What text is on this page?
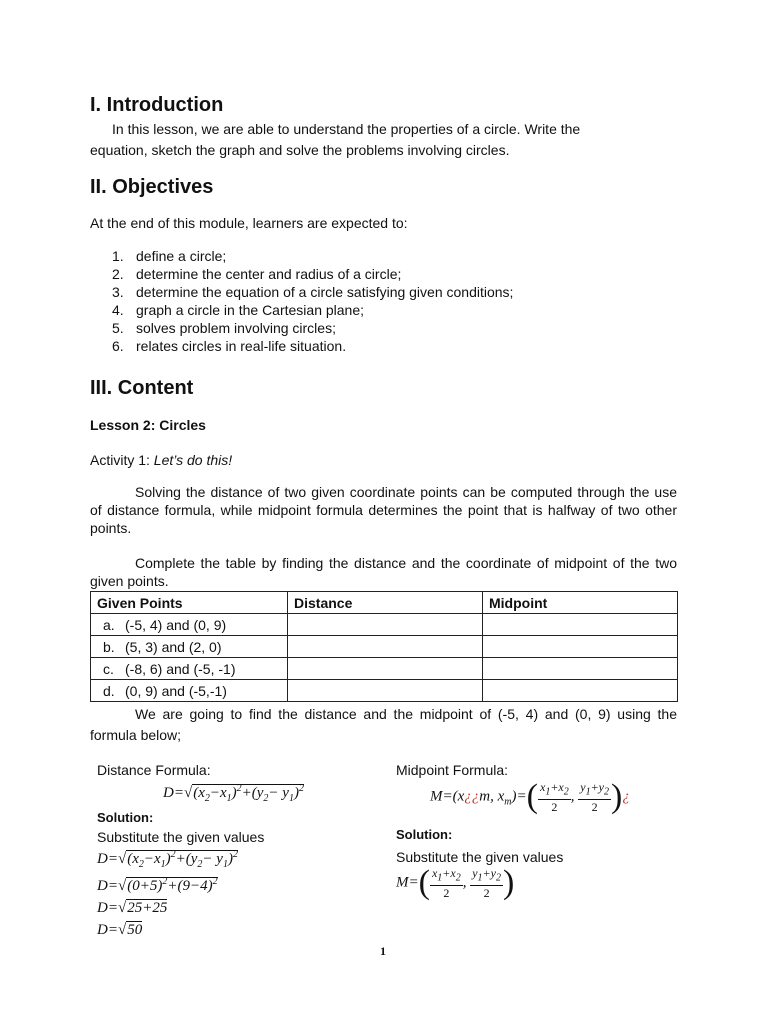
I. Introduction
In this lesson, we are able to understand the properties of a circle. Write the
equation, sketch the graph and solve the problems involving circles.
II. Objectives
At the end of this module, learners are expected to:
1. define a circle;
2. determine the center and radius of a circle;
3. determine the equation of a circle satisfying given conditions;
4. graph a circle in the Cartesian plane;
5. solves problem involving circles;
6. relates circles in real-life situation.
III. Content
Lesson 2: Circles
Activity 1: Let’s do this!
Solving the distance of two given coordinate points can be computed through the use of distance formula, while midpoint formula determines the point that is halfway of two other points.
Complete the table by finding the distance and the coordinate of midpoint of the two given points.
Given Points	Distance	Midpoint
a. (-5, 4) and (0, 9)		
b. (5, 3) and (2, 0)		
c. (-8, 6) and (-5, -1)		
d. (0, 9) and (-5,-1)		
We are going to find the distance and the midpoint of (-5, 4) and (0, 9) using the formula below;
Distance Formula:
$D=√(x_2-x_1)^2+(y_2- y_1)^2$
Solution:
Substitute the given values
$D=√(x_2-x_1)^2+(y_2- y_1)^2$
$D=√(0+5)^2+(9-4)^2$
D=√25+25
D=√50
Midpoint Formula:
M=(x¿¿m, $x_m)=( \frac{x_1+x_2}{2}$ , $\frac{y_1+y_2}{2}$ )¿
Solution:
Substitute the given values
$M=( \frac{x_1+x_2}{2}$ , $\frac{y_1+y_2}{2}$ )
1
